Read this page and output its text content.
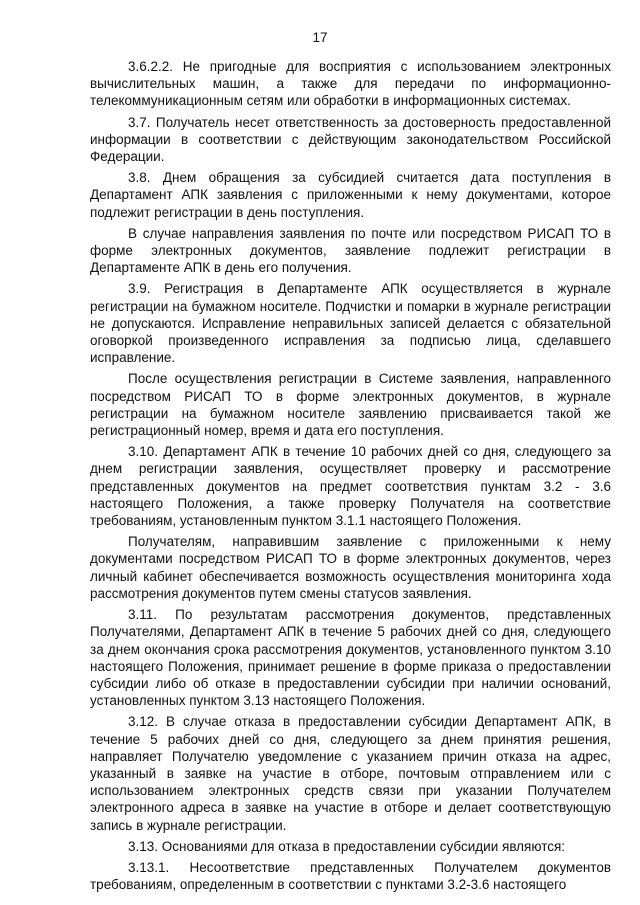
17

3.6.2.2. Не пригодные для восприятия с использованием электронных вычислительных машин, а также для передачи по информационно-телекоммуникационным сетям или обработки в информационных системах.

3.7. Получатель несет ответственность за достоверность предоставленной информации в соответствии с действующим законодательством Российской Федерации.

3.8. Днем обращения за субсидией считается дата поступления в Департамент АПК заявления с приложенными к нему документами, которое подлежит регистрации в день поступления.

В случае направления заявления по почте или посредством РИСАП ТО в форме электронных документов, заявление подлежит регистрации в Департаменте АПК в день его получения.

3.9. Регистрация в Департаменте АПК осуществляется в журнале регистрации на бумажном носителе. Подчистки и помарки в журнале регистрации не допускаются. Исправление неправильных записей делается с обязательной оговоркой произведенного исправления за подписью лица, сделавшего исправление.

После осуществления регистрации в Системе заявления, направленного посредством РИСАП ТО в форме электронных документов, в журнале регистрации на бумажном носителе заявлению присваивается такой же регистрационный номер, время и дата его поступления.

3.10. Департамент АПК в течение 10 рабочих дней со дня, следующего за днем регистрации заявления, осуществляет проверку и рассмотрение представленных документов на предмет соответствия пунктам 3.2 - 3.6 настоящего Положения, а также проверку Получателя на соответствие требованиям, установленным пунктом 3.1.1 настоящего Положения.

Получателям, направившим заявление с приложенными к нему документами посредством РИСАП ТО в форме электронных документов, через личный кабинет обеспечивается возможность осуществления мониторинга хода рассмотрения документов путем смены статусов заявления.

3.11. По результатам рассмотрения документов, представленных Получателями, Департамент АПК в течение 5 рабочих дней со дня, следующего за днем окончания срока рассмотрения документов, установленного пунктом 3.10 настоящего Положения, принимает решение в форме приказа о предоставлении субсидии либо об отказе в предоставлении субсидии при наличии оснований, установленных пунктом 3.13 настоящего Положения.

3.12. В случае отказа в предоставлении субсидии Департамент АПК, в течение 5 рабочих дней со дня, следующего за днем принятия решения, направляет Получателю уведомление с указанием причин отказа на адрес, указанный в заявке на участие в отборе, почтовым отправлением или с использованием электронных средств связи при указании Получателем электронного адреса в заявке на участие в отборе и делает соответствующую запись в журнале регистрации.

3.13. Основаниями для отказа в предоставлении субсидии являются:

3.13.1. Несоответствие представленных Получателем документов требованиям, определенным в соответствии с пунктами 3.2-3.6 настоящего
